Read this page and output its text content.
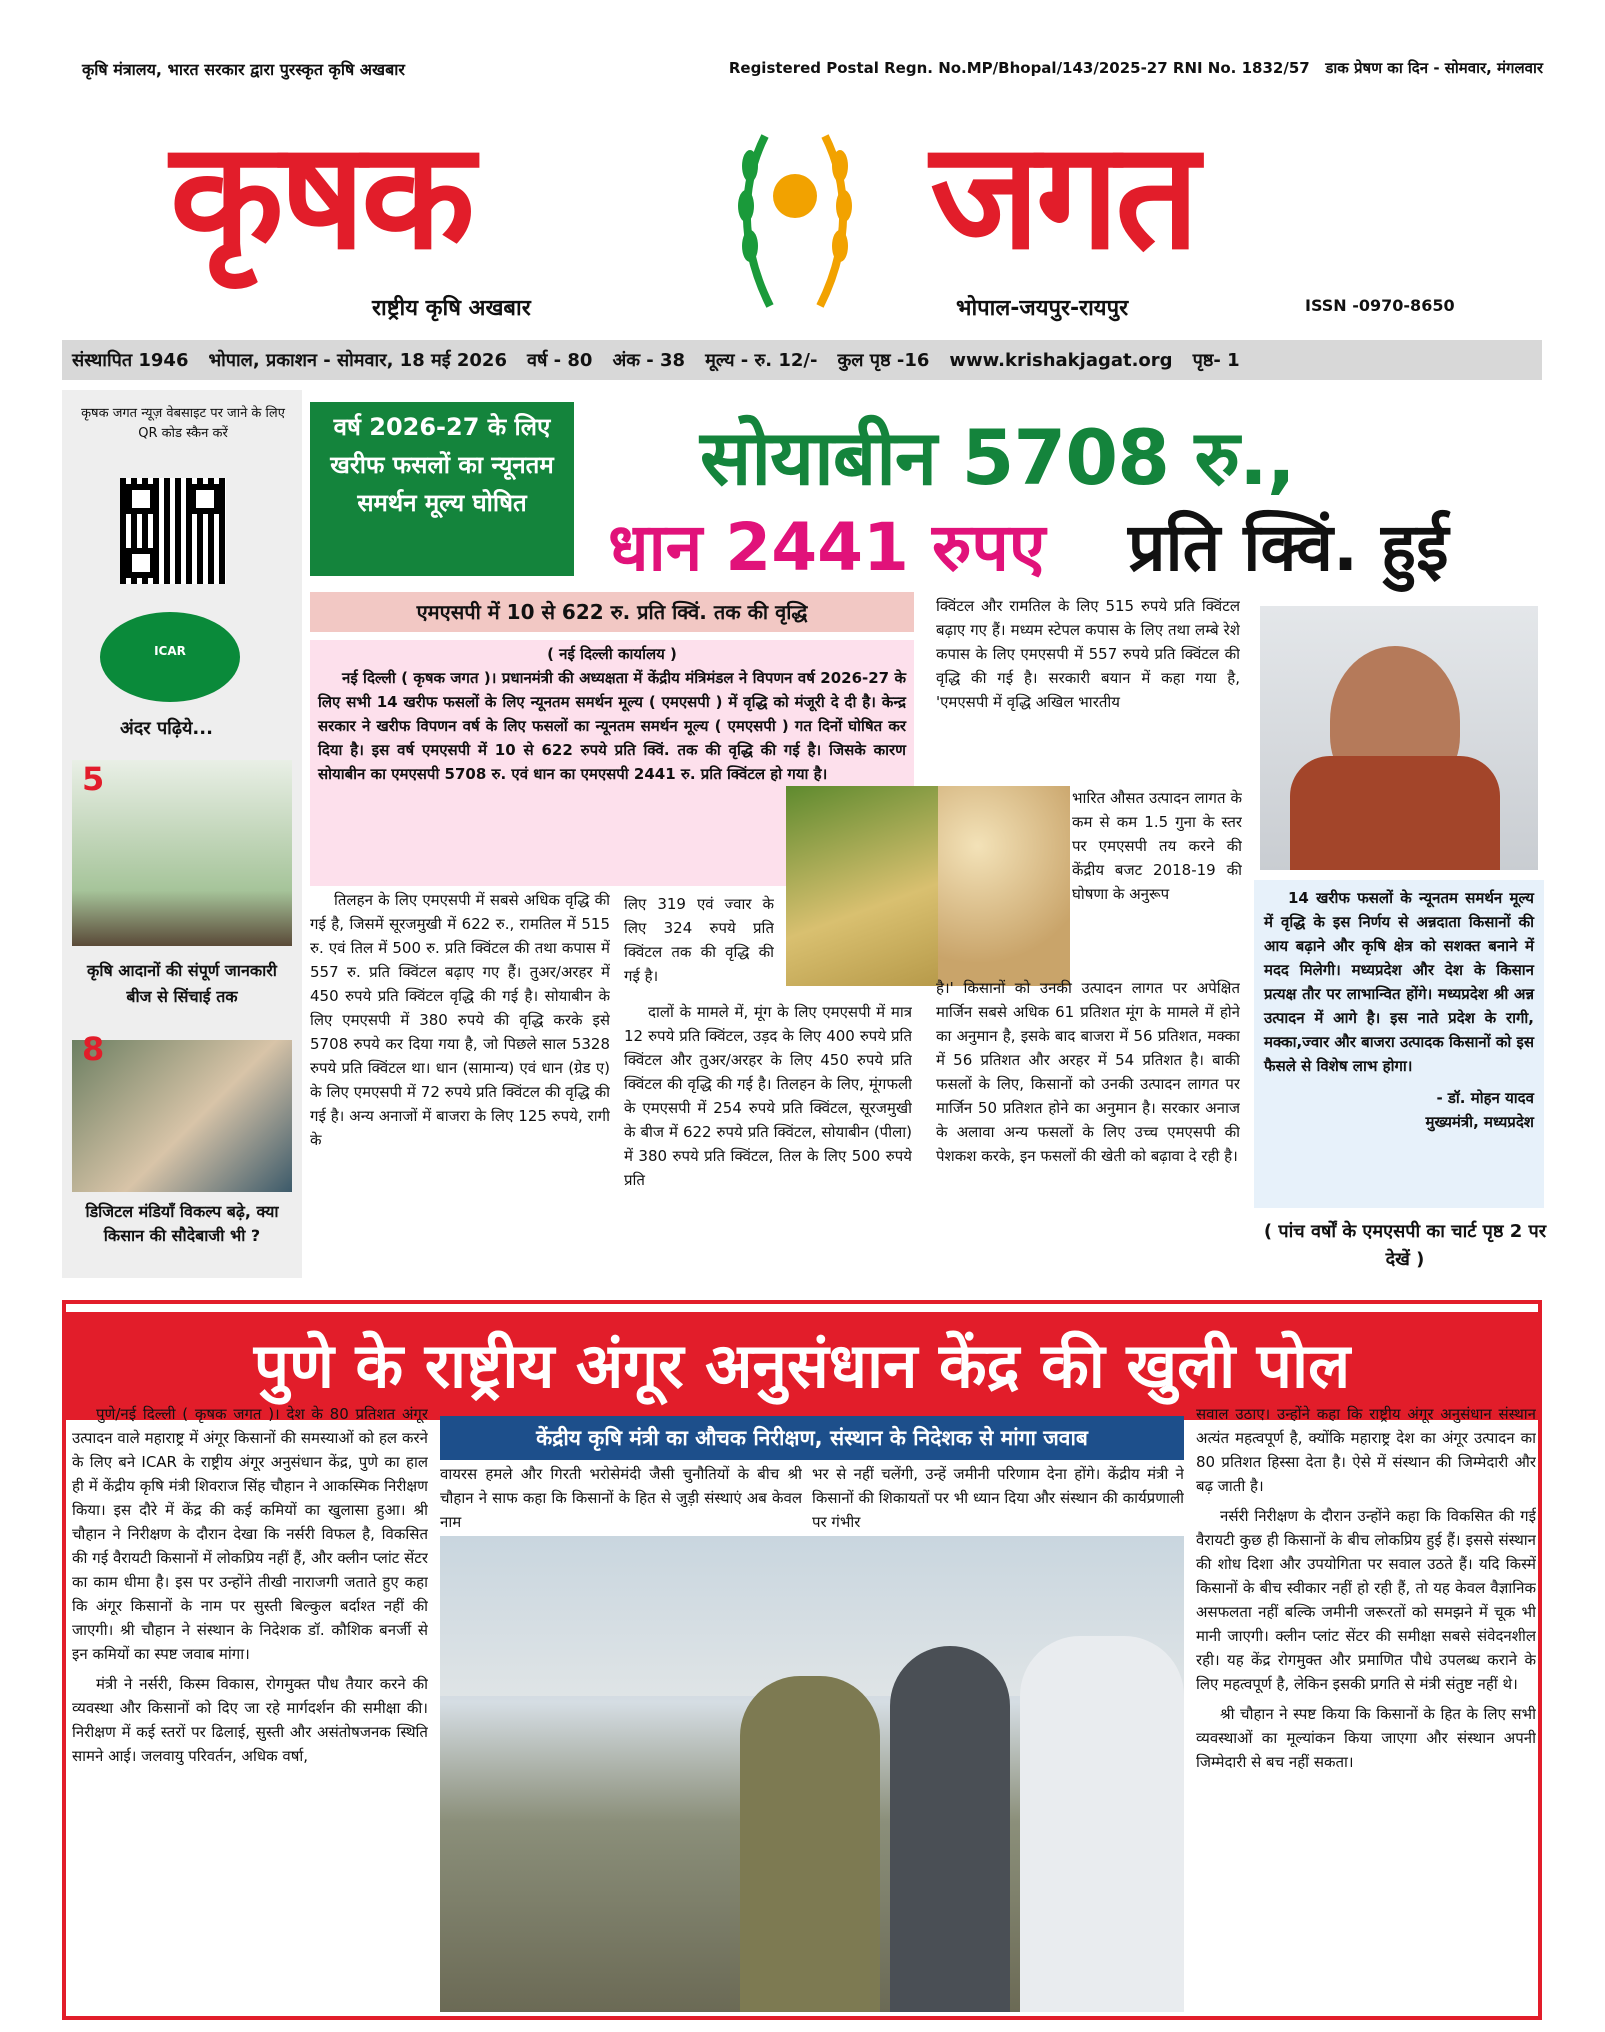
कृषि मंत्रालय, भारत सरकार द्वारा पुरस्कृत कृषि अखबार	Registered Postal Regn. No.MP/Bhopal/143/2025-27 RNI No. 1832/57 डाक प्रेषण का दिन - सोमवार, मंगलवार
कृषक	जगत
राष्ट्रीय कृषि अखबार	भोपाल-जयपुर-रायपुर	ISSN -0970-8650
संस्थापित 1946	भोपाल, प्रकाशन - सोमवार, 18 मई 2026	वर्ष - 80	अंक - 38	मूल्य - रु. 12/-	कुल पृष्ठ -16	www.krishakjagat.org	पृष्ठ- 1

कृषक जगत न्यूज़ वेबसाइट पर जाने के लिए QR कोड स्कैन करें

ICAR
अंदर पढ़िये...
5
कृषि आदानों की संपूर्ण जानकारी बीज से सिंचाई तक
8
डिजिटल मंडियाँ विकल्प बढ़े, क्या किसान की सौदेबाजी भी ?
वर्ष 2026-27 के लिए खरीफ फसलों का न्यूनतम समर्थन मूल्य घोषित
सोयाबीन 5708 रु.,
धान 2441 रुपए प्रति क्विं. हुई
एमएसपी में 10 से 622 रु. प्रति क्विं. तक की वृद्धि
( नई दिल्ली कार्यालय )
नई दिल्ली ( कृषक जगत )। प्रधानमंत्री की अध्यक्षता में केंद्रीय मंत्रिमंडल ने विपणन वर्ष 2026-27 के लिए सभी 14 खरीफ फसलों के लिए न्यूनतम समर्थन मूल्य ( एमएसपी ) में वृद्धि को मंजूरी दे दी है। केन्द्र सरकार ने खरीफ विपणन वर्ष के लिए फसलों का न्यूनतम समर्थन मूल्य ( एमएसपी ) गत दिनों घोषित कर दिया है। इस वर्ष एमएसपी में 10 से 622 रुपये प्रति क्विं. तक की वृद्धि की गई है। जिसके कारण सोयाबीन का एमएसपी 5708 रु. एवं धान का एमएसपी 2441 रु. प्रति क्विंटल हो गया है।
तिलहन के लिए एमएसपी में सबसे अधिक वृद्धि की गई है, जिसमें सूरजमुखी में 622 रु., रामतिल में 515 रु. एवं तिल में 500 रु. प्रति क्विंटल की तथा कपास में 557 रु. प्रति क्विंटल बढ़ाए गए हैं। तुअर/अरहर में 450 रुपये प्रति क्विंटल वृद्धि की गई है। सोयाबीन के लिए एमएसपी में 380 रुपये की वृद्धि करके इसे 5708 रुपये कर दिया गया है, जो पिछले साल 5328 रुपये प्रति क्विंटल था। धान (सामान्य) एवं धान (ग्रेड ए) के लिए एमएसपी में 72 रुपये प्रति क्विंटल की वृद्धि की गई है। अन्य अनाजों में बाजरा के लिए 125 रुपये, रागी के
लिए 319 एवं ज्वार के लिए 324 रुपये प्रति क्विंटल तक की वृद्धि की गई है।
दालों के मामले में, मूंग के लिए एमएसपी में मात्र 12 रुपये प्रति क्विंटल, उड़द के लिए 400 रुपये प्रति क्विंटल और तुअर/अरहर के लिए 450 रुपये प्रति क्विंटल की वृद्धि की गई है। तिलहन के लिए, मूंगफली के एमएसपी में 254 रुपये प्रति क्विंटल, सूरजमुखी के बीज में 622 रुपये प्रति क्विंटल, सोयाबीन (पीला) में 380 रुपये प्रति क्विंटल, तिल के लिए 500 रुपये प्रति
क्विंटल और रामतिल के लिए 515 रुपये प्रति क्विंटल बढ़ाए गए हैं। मध्यम स्टेपल कपास के लिए तथा लम्बे रेशे कपास के लिए एमएसपी में 557 रुपये प्रति क्विंटल की वृद्धि की गई है। सरकारी बयान में कहा गया है, 'एमएसपी में वृद्धि अखिल भारतीय
भारित औसत उत्पादन लागत के कम से कम 1.5 गुना के स्तर पर एमएसपी तय करने की केंद्रीय बजट 2018-19 की घोषणा के अनुरूप
है।' किसानों को उनकी उत्पादन लागत पर अपेक्षित मार्जिन सबसे अधिक 61 प्रतिशत मूंग के मामले में होने का अनुमान है, इसके बाद बाजरा में 56 प्रतिशत, मक्का में 56 प्रतिशत और अरहर में 54 प्रतिशत है। बाकी फसलों के लिए, किसानों को उनकी उत्पादन लागत पर मार्जिन 50 प्रतिशत होने का अनुमान है। सरकार अनाज के अलावा अन्य फसलों के लिए उच्च एमएसपी की पेशकश करके, इन फसलों की खेती को बढ़ावा दे रही है।
14 खरीफ फसलों के न्यूनतम समर्थन मूल्य में वृद्धि के इस निर्णय से अन्नदाता किसानों की आय बढ़ाने और कृषि क्षेत्र को सशक्त बनाने में मदद मिलेगी। मध्यप्रदेश और देश के किसान प्रत्यक्ष तौर पर लाभान्वित होंगे। मध्यप्रदेश श्री अन्न उत्पादन में आगे है। इस नाते प्रदेश के रागी, मक्का,ज्वार और बाजरा उत्पादक किसानों को इस फैसले से विशेष लाभ होगा।
- डॉ. मोहन यादव
मुख्यमंत्री, मध्यप्रदेश
( पांच वर्षों के एमएसपी का चार्ट पृष्ठ 2 पर देखें )
पुणे के राष्ट्रीय अंगूर अनुसंधान केंद्र की खुली पोल
केंद्रीय कृषि मंत्री का औचक निरीक्षण, संस्थान के निदेशक से मांगा जवाब
पुणे/नई दिल्ली ( कृषक जगत )। देश के 80 प्रतिशत अंगूर उत्पादन वाले महाराष्ट्र में अंगूर किसानों की समस्याओं को हल करने के लिए बने ICAR के राष्ट्रीय अंगूर अनुसंधान केंद्र, पुणे का हाल ही में केंद्रीय कृषि मंत्री शिवराज सिंह चौहान ने आकस्मिक निरीक्षण किया। इस दौरे में केंद्र की कई कमियों का खुलासा हुआ। श्री चौहान ने निरीक्षण के दौरान देखा कि नर्सरी विफल है, विकसित की गई वैरायटी किसानों में लोकप्रिय नहीं हैं, और क्लीन प्लांट सेंटर का काम धीमा है। इस पर उन्होंने तीखी नाराजगी जताते हुए कहा कि अंगूर किसानों के नाम पर सुस्ती बिल्कुल बर्दाश्त नहीं की जाएगी। श्री चौहान ने संस्थान के निदेशक डॉ. कौशिक बनर्जी से इन कमियों का स्पष्ट जवाब मांगा।
मंत्री ने नर्सरी, किस्म विकास, रोगमुक्त पौध तैयार करने की व्यवस्था और किसानों को दिए जा रहे मार्गदर्शन की समीक्षा की। निरीक्षण में कई स्तरों पर ढिलाई, सुस्ती और असंतोषजनक स्थिति सामने आई। जलवायु परिवर्तन, अधिक वर्षा,
वायरस हमले और गिरती भरोसेमंदी जैसी चुनौतियों के बीच श्री चौहान ने साफ कहा कि किसानों के हित से जुड़ी संस्थाएं अब केवल नाम
भर से नहीं चलेंगी, उन्हें जमीनी परिणाम देना होंगे। केंद्रीय मंत्री ने किसानों की शिकायतों पर भी ध्यान दिया और संस्थान की कार्यप्रणाली पर गंभीर
सवाल उठाए। उन्होंने कहा कि राष्ट्रीय अंगूर अनुसंधान संस्थान अत्यंत महत्वपूर्ण है, क्योंकि महाराष्ट्र देश का अंगूर उत्पादन का 80 प्रतिशत हिस्सा देता है। ऐसे में संस्थान की जिम्मेदारी और बढ़ जाती है।
नर्सरी निरीक्षण के दौरान उन्होंने कहा कि विकसित की गई वैरायटी कुछ ही किसानों के बीच लोकप्रिय हुई हैं। इससे संस्थान की शोध दिशा और उपयोगिता पर सवाल उठते हैं। यदि किस्में किसानों के बीच स्वीकार नहीं हो रही हैं, तो यह केवल वैज्ञानिक असफलता नहीं बल्कि जमीनी जरूरतों को समझने में चूक भी मानी जाएगी। क्लीन प्लांट सेंटर की समीक्षा सबसे संवेदनशील रही। यह केंद्र रोगमुक्त और प्रमाणित पौधे उपलब्ध कराने के लिए महत्वपूर्ण है, लेकिन इसकी प्रगति से मंत्री संतुष्ट नहीं थे।
श्री चौहान ने स्पष्ट किया कि किसानों के हित के लिए सभी व्यवस्थाओं का मूल्यांकन किया जाएगा और संस्थान अपनी जिम्मेदारी से बच नहीं सकता।
